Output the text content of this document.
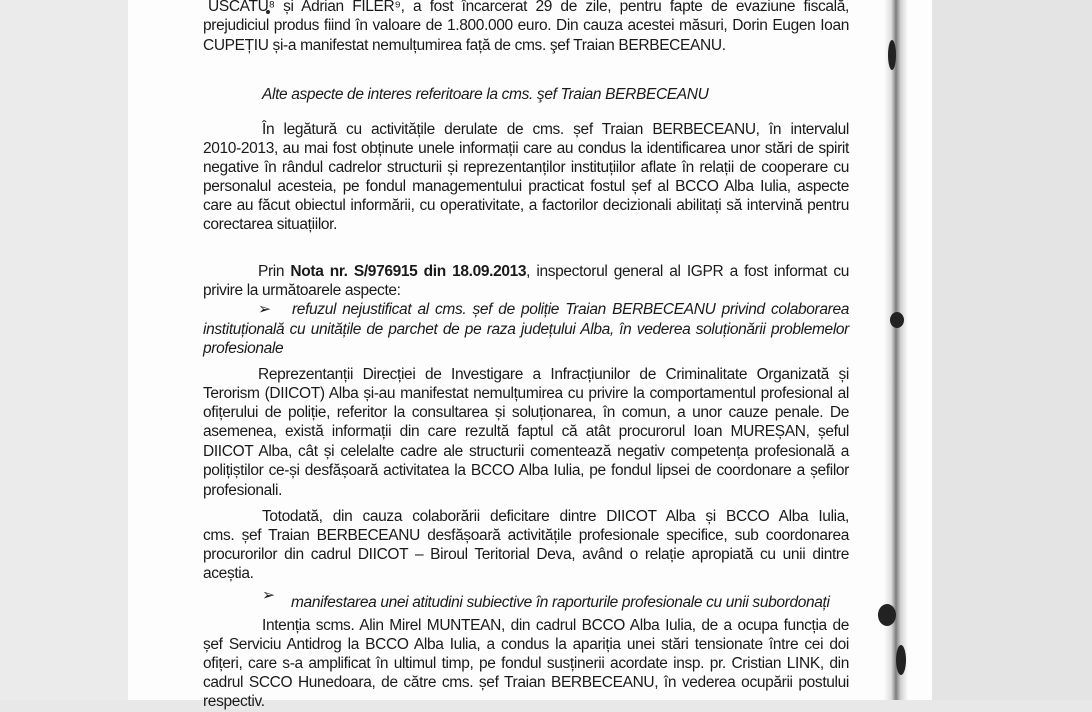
USCATU⁸ și Adrian FILER⁹, a fost încarcerat 29 de zile, pentru fapte de evaziune fiscală,
prejudiciul produs fiind în valoare de 1.800.000 euro. Din cauza acestei măsuri, Dorin Eugen Ioan
CUPEȚIU și-a manifestat nemulțumirea față de cms. şef Traian BERBECEANU.
Alte aspecte de interes referitoare la cms. şef Traian BERBECEANU
În legătură cu activitățile derulate de cms. șef Traian BERBECEANU, în intervalul
2010-2013, au mai fost obținute unele informații care au condus la identificarea unor stări de spirit
negative în rândul cadrelor structurii și reprezentanților instituțiilor aflate în relații de cooperare cu
personalul acesteia, pe fondul managementului practicat fostul șef al BCCO Alba Iulia, aspecte
care au făcut obiectul informării, cu operativitate, a factorilor decizionali abilitați să intervină pentru
corectarea situațiilor.
Prin Nota nr. S/976915 din 18.09.2013, inspectorul general al IGPR a fost informat cu
privire la următoarele aspecte:
➢	refuzul nejustificat al cms. șef de poliție Traian BERBECEANU privind colaborarea
instituțională cu unitățile de parchet de pe raza județului Alba, în vederea soluționării problemelor
profesionale
Reprezentanții Direcției de Investigare a Infracțiunilor de Criminalitate Organizată și
Terorism (DIICOT) Alba și-au manifestat nemulțumirea cu privire la comportamentul profesional al
ofițerului de poliție, referitor la consultarea și soluționarea, în comun, a unor cauze penale. De
asemenea, există informații din care rezultă faptul că atât procurorul Ioan MUREȘAN, șeful
DIICOT Alba, cât și celelalte cadre ale structurii comentează negativ competența profesională a
polițiștilor ce-și desfășoară activitatea la BCCO Alba Iulia, pe fondul lipsei de coordonare a șefilor
profesionali.
Totodată, din cauza colaborării deficitare dintre DIICOT Alba și BCCO Alba Iulia,
cms. șef Traian BERBECEANU desfășoară activitățile profesionale specifice, sub coordonarea
procurorilor din cadrul DIICOT – Biroul Teritorial Deva, având o relație apropiată cu unii dintre
aceștia.
➢	manifestarea unei atitudini subiective în raporturile profesionale cu unii subordonați
Intenția scms. Alin Mirel MUNTEAN, din cadrul BCCO Alba Iulia, de a ocupa funcția de
șef Serviciu Antidrog la BCCO Alba Iulia, a condus la apariția unei stări tensionate între cei doi
ofițeri, care s-a amplificat în ultimul timp, pe fondul susținerii acordate insp. pr. Cristian LINK, din
cadrul SCCO Hunedoara, de către cms. șef Traian BERBECEANU, în vederea ocupării postului
respectiv.
